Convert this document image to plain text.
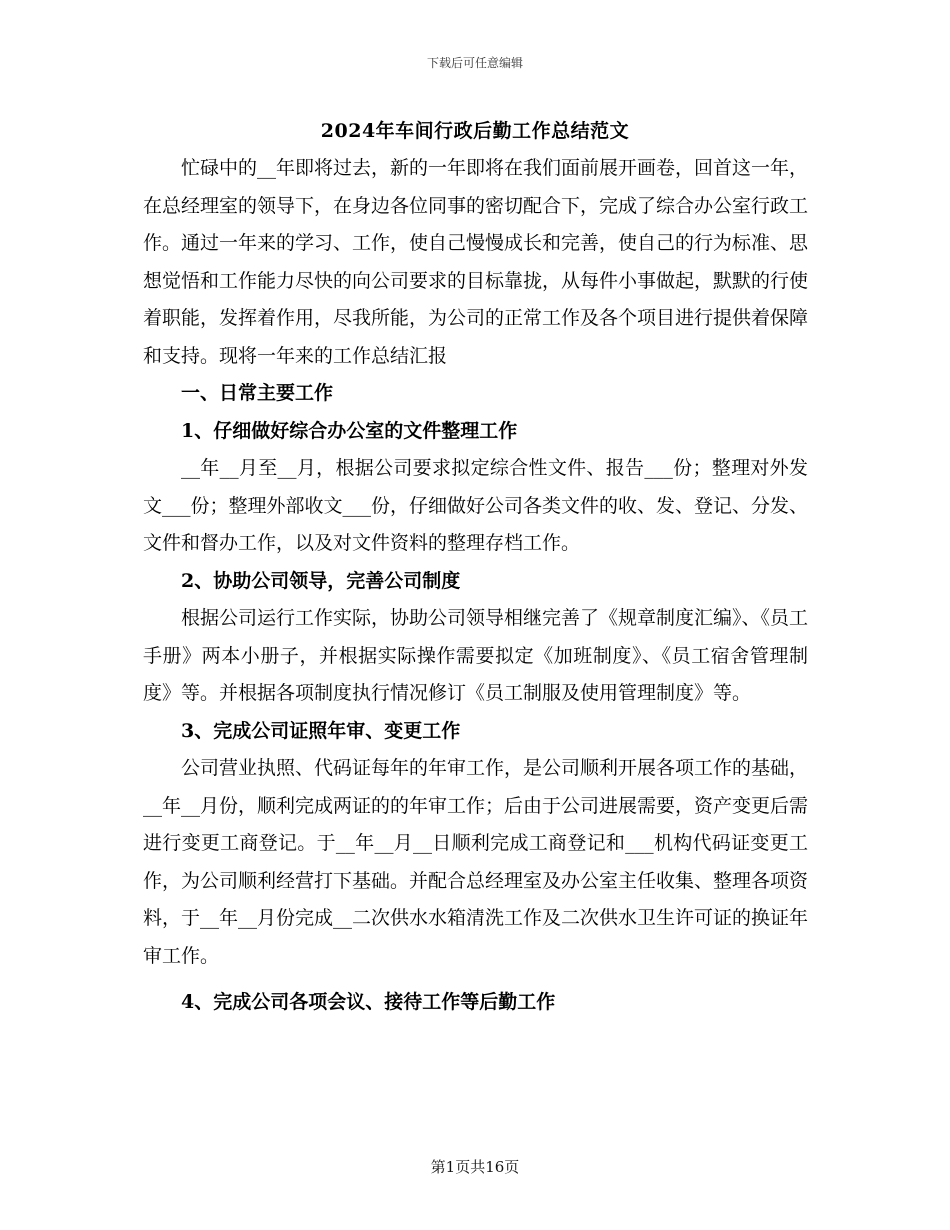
下载后可任意编辑
2024年车间行政后勤工作总结范文

忙碌中的__年即将过去，新的一年即将在我们面前展开画卷，回首这一年，在总经理室的领导下，在身边各位同事的密切配合下，完成了综合办公室行政工作。通过一年来的学习、工作，使自己慢慢成长和完善，使自己的行为标准、思想觉悟和工作能力尽快的向公司要求的目标靠拢，从每件小事做起，默默的行使着职能，发挥着作用，尽我所能，为公司的正常工作及各个项目进行提供着保障和支持。现将一年来的工作总结汇报

一、日常主要工作

1、仔细做好综合办公室的文件整理工作

__年__月至__月，根据公司要求拟定综合性文件、报告___份；整理对外发文___份；整理外部收文___份，仔细做好公司各类文件的收、发、登记、分发、文件和督办工作，以及对文件资料的整理存档工作。

2、协助公司领导，完善公司制度

根据公司运行工作实际，协助公司领导相继完善了《规章制度汇编》、《员工手册》两本小册子，并根据实际操作需要拟定《加班制度》、《员工宿舍管理制度》等。并根据各项制度执行情况修订《员工制服及使用管理制度》等。

3、完成公司证照年审、变更工作

公司营业执照、代码证每年的年审工作，是公司顺利开展各项工作的基础，__年__月份，顺利完成两证的的年审工作；后由于公司进展需要，资产变更后需进行变更工商登记。于__年__月__日顺利完成工商登记和___机构代码证变更工作，为公司顺利经营打下基础。并配合总经理室及办公室主任收集、整理各项资料，于__年__月份完成__二次供水水箱清洗工作及二次供水卫生许可证的换证年审工作。

4、完成公司各项会议、接待工作等后勤工作

第1页共16页
